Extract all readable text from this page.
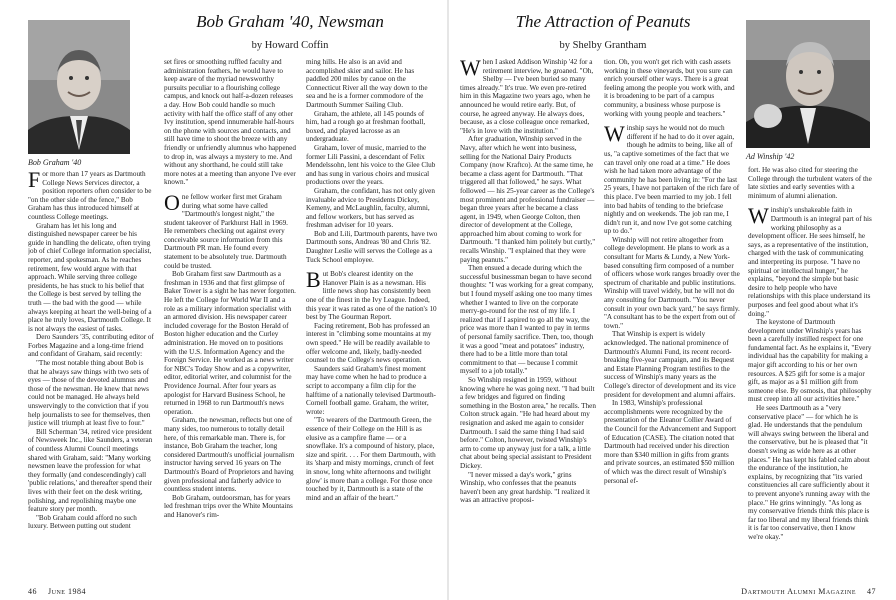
Bob Graham '40
Bob Graham '40, Newsman
by Howard Coffin

For more than 17 years as Dartmouth College News Services director, a position reporters often consider to be "on the other side of the fence," Bob Graham has thus introduced himself at countless College meetings.

Graham has let his long and distinguished newspaper career be his guide in handling the delicate, often trying job of chief College information specialist, reporter, and spokesman. As he reaches retirement, few would argue with that approach. While serving three college presidents, he has stuck to his belief that the College is best served by telling the truth — the bad with the good — while always keeping at heart the well-being of a place he truly loves, Dartmouth College. It is not always the easiest of tasks.

Dero Saunders '35, contributing editor of Forbes Magazine and a long-time friend and confidant of Graham, said recently:

"The most notable thing about Bob is that he always saw things with two sets of eyes — those of the devoted alumnus and those of the newsman. He knew that news could not be managed. He always held unswervingly to the conviction that if you help journalists to see for themselves, then justice will triumph at least five to four."

Bill Scherman '34, retired vice president of Newsweek Inc., like Saunders, a veteran of countless Alumni Council meetings shared with Graham, said: "Many working newsmen leave the profession for what they formally (and condescendingly) call 'public relations,' and thereafter spend their lives with their feet on the desk writing, polishing, and repolishing maybe one feature story per month.

"Bob Graham could afford no such luxury. Between putting out student

set fires or smoothing ruffled faculty and administration feathers, he would have to keep aware of the myriad newsworthy pursuits peculiar to a flourishing college campus, and knock out half-a-dozen releases a day. How Bob could handle so much activity with half the office staff of any other Ivy institution, spend innumerable half-hours on the phone with sources and contacts, and still have time to shoot the breeze with any friendly or unfriendly alumnus who happened to drop in, was always a mystery to me. And without any shorthand, he could still take more notes at a meeting than anyone I've ever known."

One fellow worker first met Graham during what some have called "Dartmouth's longest night," the student takeover of Parkhurst Hall in 1969. He remembers checking out against every conceivable source information from this Dartmouth PR man. He found every statement to be absolutely true. Dartmouth could be trusted.

Bob Graham first saw Dartmouth as a freshman in 1936 and that first glimpse of Baker Tower is a sight he has never forgotten. He left the College for World War II and a role as a military information specialist with an armored division. His newspaper career included coverage for the Boston Herald of Boston higher education and the Curley administration. He moved on to positions with the U.S. Information Agency and the Foreign Service. He worked as a news writer for NBC's Today Show and as a copywriter, editor, editorial writer, and columnist for the Providence Journal. After four years as apologist for Harvard Business School, he returned in 1968 to run Dartmouth's news operation.

Graham, the newsman, reflects but one of many sides, too numerous to totally detail here, of this remarkable man. There is, for instance, Bob Graham the teacher, long considered Dartmouth's unofficial journalism instructor having served 16 years on The Dartmouth's Board of Proprietors and having given professional and fatherly advice to countless student interns.

Bob Graham, outdoorsman, has for years led freshman trips over the White Mountains and Hanover's rim-

ming hills. He also is an avid and accomplished skier and sailor. He has paddled 200 miles by canoe on the Connecticut River all the way down to the sea and he is a former commodore of the Dartmouth Summer Sailing Club.

Graham, the athlete, all 145 pounds of him, had a rough go at freshman football, boxed, and played lacrosse as an undergraduate.

Graham, lover of music, married to the former Lili Passini, a descendant of Felix Mendelssohn, lent his voice to the Glee Club and has sung in various choirs and musical productions over the years.

Graham, the confidant, has not only given invaluable advice to Presidents Dickey, Kemeny, and McLaughlin, faculty, alumni, and fellow workers, but has served as freshman adviser for 10 years.

Bob and Lili, Dartmouth parents, have two Dartmouth sons, Andreas '80 and Chris '82. Daughter Leslie will serves the College as a Tuck School employee.

But Bob's clearest identity on the Hanover Plain is as a newsman. His little news shop has consistently been one of the finest in the Ivy League. Indeed, this year it was rated as one of the nation's 10 best by The Gourman Report.

Facing retirement, Bob has professed an interest in "climbing some mountains at my own speed." He will be readily available to offer welcome and, likely, badly-needed counsel to the College's news operation.

Saunders said Graham's finest moment may have come when he had to produce a script to accompany a film clip for the halftime of a nationally televised Dartmouth-Cornell football game. Graham, the writer, wrote:

"To wearers of the Dartmouth Green, the essence of their College on the Hill is as elusive as a campfire flame — or a snowflake. It's a compound of history, place, size and spirit. . . . For them Dartmouth, with its 'sharp and misty mornings, crunch of feet in snow, long white afternoons and twilight glow' is more than a college. For those once touched by it, Dartmouth is a state of the mind and an affair of the heart."

46 June 1984
The Attraction of Peanuts
by Shelby Grantham
Ad Winship '42

When I asked Addison Winship '42 for a retirement interview, he groaned. "Oh, Shelby — I've been buried so many times already." It's true. We even pre-retired him in this Magazine two years ago, when he announced he would retire early. But, of course, he agreed anyway. He always does, because, as a close colleague once remarked, "He's in love with the institution."

After graduation, Winship served in the Navy, after which he went into business, selling for the National Dairy Products Company (now Kraftco). At the same time, he became a class agent for Dartmouth. "That triggered all that followed," he says. What followed — his 25-year career as the College's most prominent and professional fundraiser — began three years after he became a class agent, in 1949, when George Colton, then director of development at the College, approached him about coming to work for Dartmouth. "I thanked him politely but curtly," recalls Winship. "I explained that they were paying peanuts."

Then ensued a decade during which the successful businessman began to have second thoughts: "I was working for a great company, but I found myself asking one too many times whether I wanted to live on the corporate merry-go-round for the rest of my life. I realized that if I aspired to go all the way, the price was more than I wanted to pay in terms of personal family sacrifice. Then, too, though it was a good "meat and potatoes" industry, there had to be a little more than total commitment to that — because I commit myself to a job totally."

So Winship resigned in 1959, without knowing where he was going next. "I had built a few bridges and figured on finding something in the Boston area," he recalls. Then Colton struck again. "He had heard about my resignation and asked me again to consider Dartmouth. I said the same thing I had said before." Colton, however, twisted Winship's arm to come up anyway just for a talk, a little chat about being special assistant to President Dickey.

"I never missed a day's work," grins Winship, who confesses that the peanuts haven't been any great hardship. "I realized it was an attractive proposi-

tion. Oh, you won't get rich with cash assets working in these vineyards, but you sure can enrich yourself other ways. There is a great feeling among the people you work with, and it is broadening to be part of a campus community, a business whose purpose is working with young people and teachers."

Winship says he would not do much different if he had to do it over again, though he admits to being, like all of us, "a captive sometimes of the fact that we can travel only one road at a time." He does wish he had taken more advantage of the community he has been living in: "For the last 25 years, I have not partaken of the rich fare of this place. I've been married to my job. I fell into bad habits of tending to the briefcase nightly and on weekends. The job ran me, I didn't run it, and now I've got some catching up to do."

Winship will not retire altogether from college development. He plans to work as a consultant for Marts & Lundy, a New York-based consulting firm composed of a number of officers whose work ranges broadly over the spectrum of charitable and public institutions. Winship will travel widely, but he will not do any consulting for Dartmouth. "You never consult in your own back yard," he says firmly. "A consultant has to be the expert from out of town."

That Winship is expert is widely acknowledged. The national prominence of Dartmouth's Alumni Fund, its recent record-breaking five-year campaign, and its Bequest and Estate Planning Program testifies to the success of Winship's many years as the College's director of development and its vice president for development and alumni affairs.

In 1983, Winship's professional accomplishments were recognized by the presentation of the Eleanor Collier Award of the Council for the Advancement and Support of Education (CASE). The citation noted that Dartmouth had received under his direction more than $340 million in gifts from grants and private sources, an estimated $50 million of which was the direct result of Winship's personal ef-

fort. He was also cited for steering the College through the turbulent waters of the late sixties and early seventies with a minimum of alumni alienation.

Winship's unshakeable faith in Dartmouth is an integral part of his working philosophy as a development officer. He sees himself, he says, as a representative of the institution, charged with the task of communicating and interpreting its purpose. "I have no spiritual or intellectual hunger," he explains, "beyond the simple but basic desire to help people who have relationships with this place understand its purposes and feel good about what it's doing."

The keystone of Dartmouth development under Winship's years has been a carefully instilled respect for one fundamental fact. As he explains it, "Every individual has the capability for making a major gift according to his or her own resources. A $25 gift for some is a major gift, as major as a $1 million gift from someone else. By osmosis, that philosophy must creep into all our activities here."

He sees Dartmouth as a "very conservative place" — for which he is glad. He understands that the pendulum will always swing between the liberal and the conservative, but he is pleased that "it doesn't swing as wide here as at other places." He has kept his fabled calm about the endurance of the institution, he explains, by recognizing that "its varied constituencies all care sufficiently about it to prevent anyone's running away with the place." He grins winningly. "As long as my conservative friends think this place is far too liberal and my liberal friends think it is far too conservative, then I know we're okay."

Dartmouth Alumni Magazine 47
